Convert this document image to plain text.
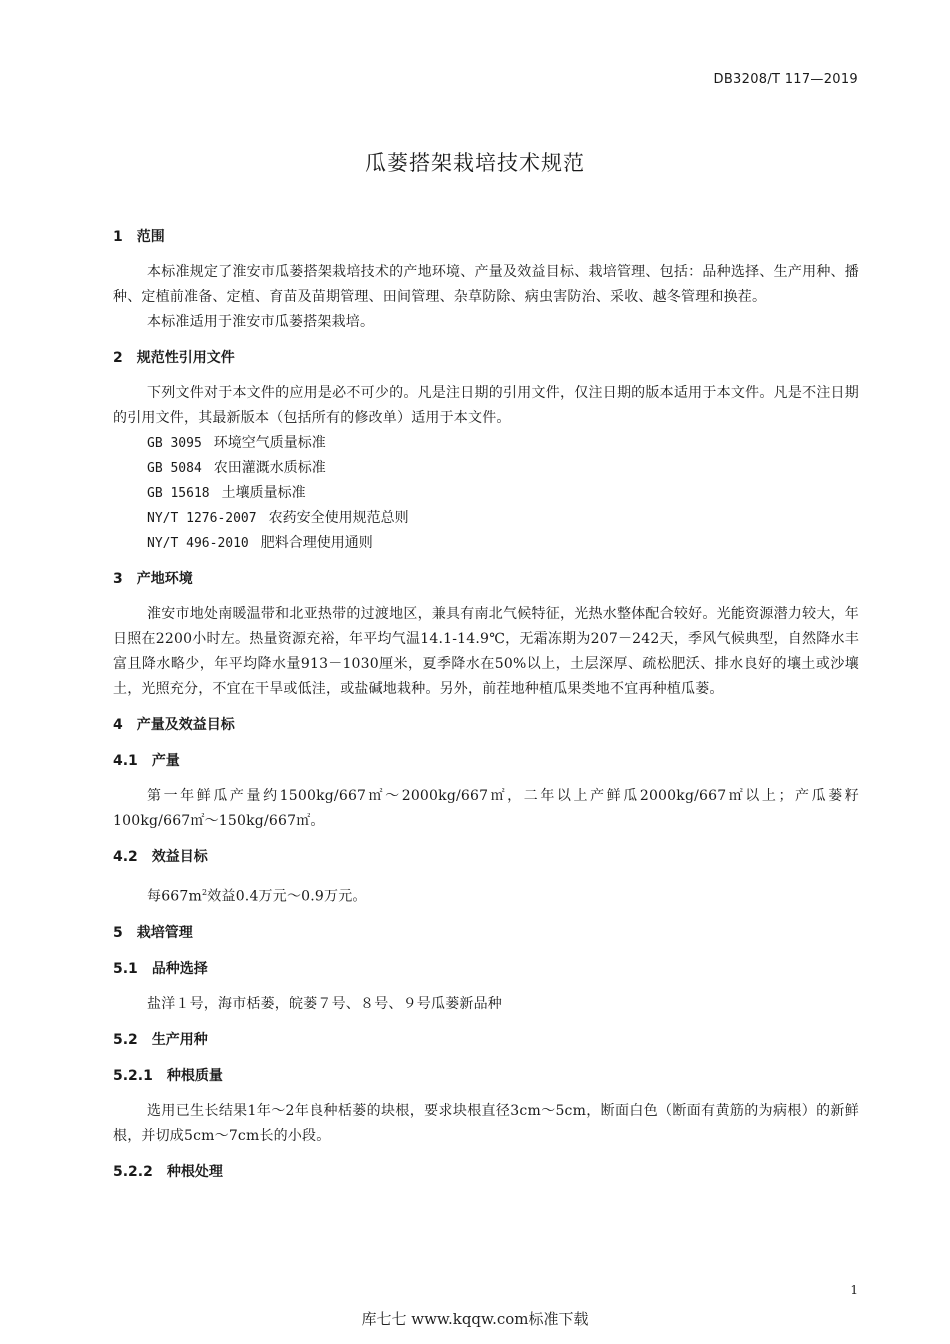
DB3208/T 117—2019
瓜蒌搭架栽培技术规范
1 范围

本标准规定了淮安市瓜蒌搭架栽培技术的产地环境、产量及效益目标、栽培管理、包括：品种选择、生产用种、播种、定植前准备、定植、育苗及苗期管理、田间管理、杂草防除、病虫害防治、采收、越冬管理和换茬。

本标准适用于淮安市瓜蒌搭架栽培。

2 规范性引用文件

下列文件对于本文件的应用是必不可少的。凡是注日期的引用文件，仅注日期的版本适用于本文件。凡是不注日期的引用文件，其最新版本（包括所有的修改单）适用于本文件。

GB 3095 环境空气质量标准
GB 5084 农田灌溉水质标准
GB 15618 土壤质量标准
NY/T 1276-2007 农药安全使用规范总则
NY/T 496-2010 肥料合理使用通则
3 产地环境

淮安市地处南暖温带和北亚热带的过渡地区，兼具有南北气候特征，光热水整体配合较好。光能资源潜力较大，年日照在2200小时左。热量资源充裕，年平均气温14.1-14.9℃，无霜冻期为207－242天，季风气候典型，自然降水丰富且降水略少，年平均降水量913－1030厘米，夏季降水在50%以上，土层深厚、疏松肥沃、排水良好的壤土或沙壤土，光照充分，不宜在干旱或低洼，或盐碱地栽种。另外，前茬地种植瓜果类地不宜再种植瓜蒌。

4 产量及效益目标
4.1 产量

第一年鲜瓜产量约1500kg/667㎡～2000kg/667㎡，二年以上产鲜瓜2000kg/667㎡以上；产瓜蒌籽100kg/667㎡～150kg/667㎡。

4.2 效益目标

每$667m^2$效益0.4万元～0.9万元。

5 栽培管理
5.1 品种选择

盐洋１号，海市栝蒌，皖蒌７号、８号、９号瓜蒌新品种

5.2 生产用种
5.2.1 种根质量

选用已生长结果1年～2年良种栝蒌的块根，要求块根直径3cm～5cm，断面白色（断面有黄筋的为病根）的新鲜根，并切成5cm～7cm长的小段。

5.2.2 种根处理
1
库七七 www.kqqw.com标准下载
